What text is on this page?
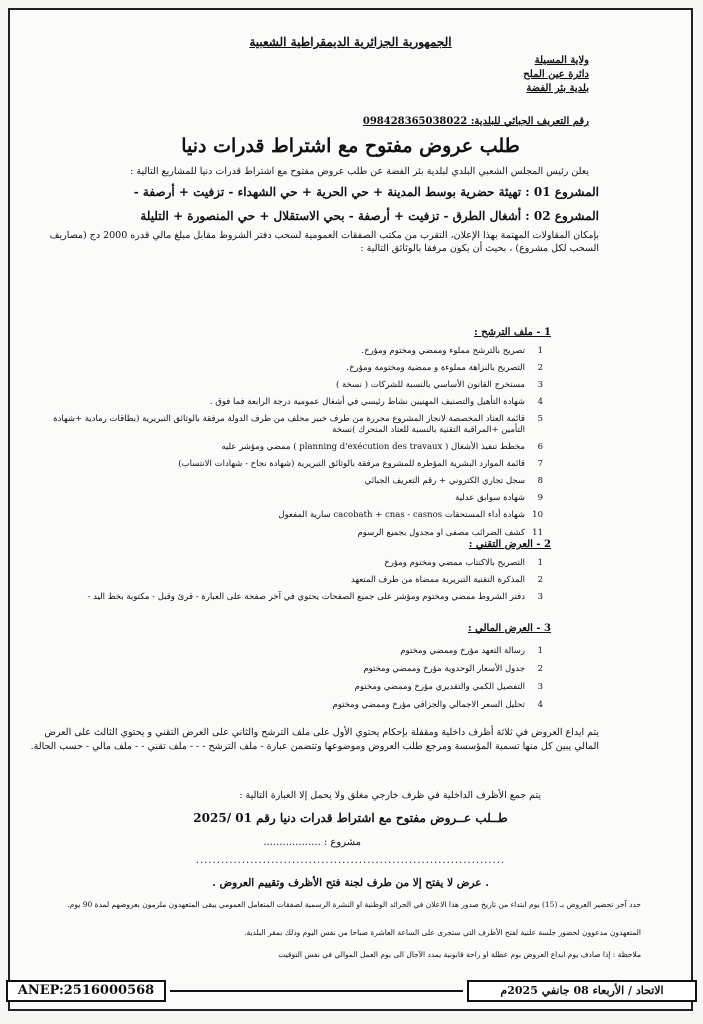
الجمهورية الجزائرية الديمقراطية الشعبية
ولاية المسيلة
دائرة عين الملح
بلدية بئر الفضة
رقم التعريف الجبائي للبلدية: 098428365038022
طلب عروض مفتوح مع اشتراط قدرات دنيا
يعلن رئيس المجلس الشعبي البلدي لبلدية بئر الفضة عن طلب عروض مفتوح مع اشتراط قدرات دنيا للمشاريع التالية :
المشروع 01 : تهيئة حضرية بوسط المدينة + حي الحرية + حي الشهداء - تزفيت + أرصفة -
المشروع 02 : أشغال الطرق - تزفيت + أرصفة - بحي الاستقلال + حي المنصورة + التليلة
بإمكان المقاولات المهتمة بهذا الإعلان، التقرب من مكتب الصفقات العمومية لسحب دفتر الشروط مقابل مبلغ مالي قدره 2000 دج (مصاريف السحب لكل مشروع) ، بحيث أن يكون مرفقا بالوثائق التالية :
1 - ملف الترشح :
1
تصريح بالترشح مملوء وممضي ومختوم ومؤرخ.
2
التصريح بالنزاهة مملوءة و ممضية ومختومة ومؤرخ.
3
مستخرج القانون الأساسي بالنسبة للشركات ( نسخة )
4
شهادة التأهيل والتصنيف المهنيين نشاط رئيسي في أشغال عمومية درجة الرابعة فما فوق .
5
قائمة العتاد المخصصة لانجاز المشروع محررة من طرف خبير محلف من طرف الدولة مرفقة بالوثائق التبريرية (بطاقات رمادية +شهادة التأمين +المراقبة التقنية بالنسبة للعتاد المتحرك )نسخة
6
مخطط تنفيذ الأشغال ( planning d'exécution des travaux ) ممضي ومؤشر عليه
7
قائمة الموارد البشرية المؤطرة للمشروع مرفقة بالوثائق التبريرية (شهادة نجاح - شهادات الانتساب)
8
سجل تجاري الكتروني + رقم التعريف الجبائي
9
شهادة سوابق عدلية
10
شهادة أداء المستحقات cacobath + cnas - casnos سارية المفعول
11
كشف الضرائب مصفى او مجدول بجميع الرسوم
2 - العرض التقني :
1
التصريح بالاكتتاب ممضي ومختوم ومؤرخ
2
المذكرة التقنية التبريرية ممضاة من طرف المتعهد
3
دفتر الشروط ممضي ومختوم ومؤشر على جميع الصفحات يحتوي في آخر صفحة على العبارة - قرئ وقبل - مكتوبة بخط اليد -
3 - العرض المالي :
1
رسالة التعهد مؤرخ وممضي ومختوم
2
جدول الأسعار الوحدوية مؤرخ وممضي ومختوم
3
التفصيل الكمي والتقديري مؤرخ وممضي ومختوم
4
تحليل السعر الاجمالي والجزافي مؤرخ وممضي ومختوم
يتم ايداع العروض في ثلاثة أظرف داخلية ومقفلة بإحكام يحتوي الأول على ملف الترشح والثاني على العرض التقني و يحتوي الثالث على العرض المالي يبين كل منها تسمية المؤسسة ومرجع طلب العروض وموضوعها وتتضمن عبارة - ملف الترشح - - - ملف تقني - - ملف مالي - حسب الحالة.
يتم جمع الأظرف الداخلية في ظرف خارجي مغلق ولا يحمل إلا العبارة التالية :
طــلب عــروض مفتوح مع اشتراط قدرات دنيا رقم 01 /2025
مشروع : ..................
..........................................................................
. عرض لا يفتح إلا من طرف لجنة فتح الأظرف وتقييم العروض .
حدد آخر تحضير العروض بـ (15) يوم ابتداء من تاريخ صدور هذا الاعلان في الجرائد الوطنية او النشرة الرسمية لصفقات المتعامل العمومي يبقى المتعهدون ملزمون بعروضهم لمدة 90 يوم.
المتعهدون مدعوون لحضور جلسة علنية لفتح الأظرف التي ستجرى على الساعة العاشرة صباحا من نفس اليوم وذلك بمقر البلدية.
ملاحظة : إذا صادف يوم ايداع العروض يوم عطلة او راحة قانونية يمدد الآجال الى يوم العمل الموالي في نفس التوقيت
ANEP:2516000568	الاتحاد / الأربعاء 08 جانفي 2025م
